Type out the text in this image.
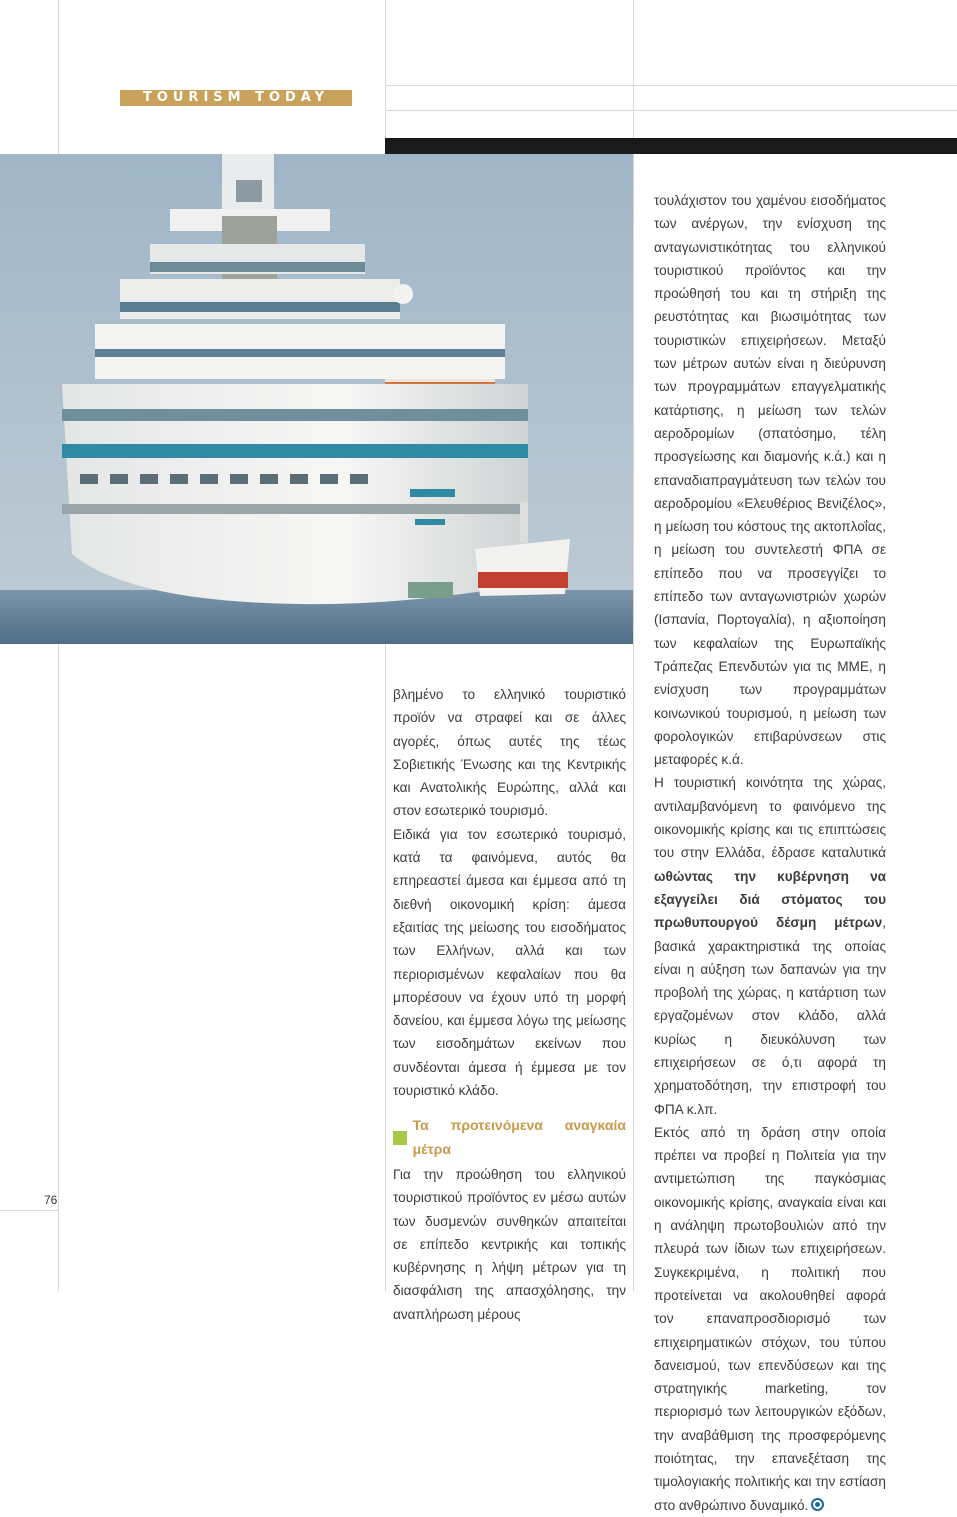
TOURISM TODAY

βλημένο το ελληνικό τουριστικό προϊόν να στραφεί και σε άλλες αγορές, όπως αυτές της τέως Σοβιετικής Ένωσης και της Κεντρικής και Ανατολικής Ευρώπης, αλλά και στον εσωτερικό τουρισμό.

Ειδικά για τον εσωτερικό τουρισμό, κατά τα φαινόμενα, αυτός θα επηρεαστεί άμεσα και έμμεσα από τη διεθνή οικονομική κρίση: άμεσα εξαιτίας της μείωσης του εισοδήματος των Ελλήνων, αλλά και των περιορισμένων κεφαλαίων που θα μπορέσουν να έχουν υπό τη μορφή δανείου, και έμμεσα λόγω της μείωσης των εισοδημάτων εκείνων που συνδέονται άμεσα ή έμμεσα με τον τουριστικό κλάδο.

Τα προτεινόμενα αναγκαία μέτρα

Για την προώθηση του ελληνικού τουριστικού προϊόντος εν μέσω αυτών των δυσμενών συνθηκών απαιτείται σε επίπεδο κεντρικής και τοπικής κυβέρνησης η λήψη μέτρων για τη διασφάλιση της απασχόλησης, την αναπλήρωση μέρους

τουλάχιστον του χαμένου εισοδήματος των ανέργων, την ενίσχυση της ανταγωνιστικότητας του ελληνικού τουριστικού προϊόντος και την προώθησή του και τη στήριξη της ρευστότητας και βιωσιμότητας των τουριστικών επιχειρήσεων. Μεταξύ των μέτρων αυτών είναι η διεύρυνση των προγραμμάτων επαγγελματικής κατάρτισης, η μείωση των τελών αεροδρομίων (σπατόσημο, τέλη προσγείωσης και διαμονής κ.ά.) και η επαναδιαπραγμάτευση των τελών του αεροδρομίου «Ελευθέριος Βενιζέλος», η μείωση του κόστους της ακτοπλοΐας, η μείωση του συντελεστή ΦΠΑ σε επίπεδο που να προσεγγίζει το επίπεδο των ανταγωνιστριών χωρών (Ισπανία, Πορτογαλία), η αξιοποίηση των κεφαλαίων της Ευρωπαϊκής Τράπεζας Επενδυτών για τις ΜΜΕ, η ενίσχυση των προγραμμάτων κοινωνικού τουρισμού, η μείωση των φορολογικών επιβαρύνσεων στις μεταφορές κ.ά.

Η τουριστική κοινότητα της χώρας, αντιλαμβανόμενη το φαινόμενο της οικονομικής κρίσης και τις επιπτώσεις του στην Ελλάδα, έδρασε καταλυτικά ωθώντας την κυβέρνηση να εξαγγείλει διά στόματος του πρωθυπουργού δέσμη μέτρων, βασικά χαρακτηριστικά της οποίας είναι η αύξηση των δαπανών για την προβολή της χώρας, η κατάρτιση των εργαζομένων στον κλάδο, αλλά κυρίως η διευκόλυνση των επιχειρήσεων σε ό,τι αφορά τη χρηματοδότηση, την επιστροφή του ΦΠΑ κ.λπ.

Εκτός από τη δράση στην οποία πρέπει να προβεί η Πολιτεία για την αντιμετώπιση της παγκόσμιας οικονομικής κρίσης, αναγκαία είναι και η ανάληψη πρωτοβουλιών από την πλευρά των ίδιων των επιχειρήσεων. Συγκεκριμένα, η πολιτική που προτείνεται να ακολουθηθεί αφορά τον επαναπροσδιορισμό των επιχειρηματικών στόχων, του τύπου δανεισμού, των επενδύσεων και της στρατηγικής marketing, τον περιορισμό των λειτουργικών εξόδων, την αναβάθμιση της προσφερόμενης ποιότητας, την επανεξέταση της τιμολογιακής πολιτικής και την εστίαση στο ανθρώπινο δυναμικό.

76
